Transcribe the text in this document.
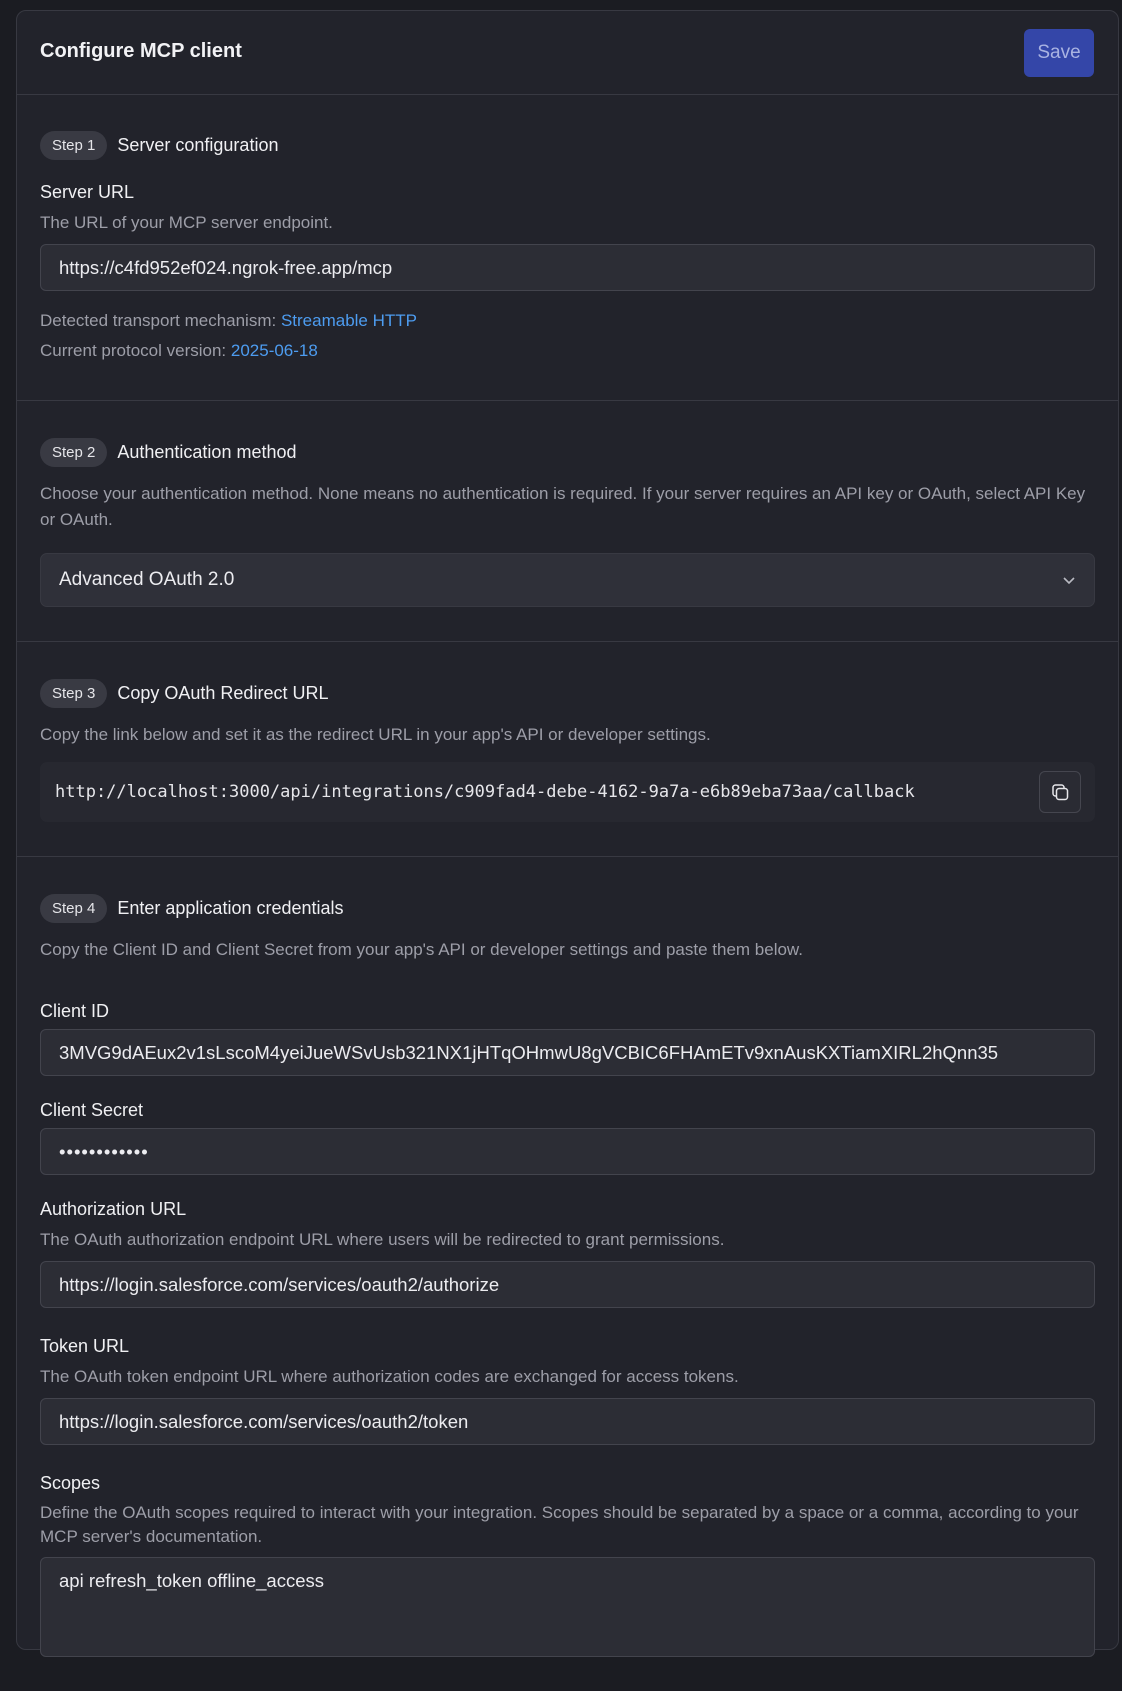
Configure MCP client	Save
Step 1	Server configuration
Server URL
The URL of your MCP server endpoint.
https://c4fd952ef024.ngrok-free.app/mcp
Detected transport mechanism: Streamable HTTP
Current protocol version: 2025-06-18
Step 2	Authentication method
Choose your authentication method. None means no authentication is required. If your server requires an API key or OAuth, select API Key or OAuth.
Advanced OAuth 2.0
Step 3	Copy OAuth Redirect URL
Copy the link below and set it as the redirect URL in your app's API or developer settings.
http://localhost:3000/api/integrations/c909fad4-debe-4162-9a7a-e6b89eba73aa/callback
Step 4	Enter application credentials
Copy the Client ID and Client Secret from your app's API or developer settings and paste them below.
Client ID
3MVG9dAEux2v1sLscoM4yeiJueWSvUsb321NX1jHTqOHmwU8gVCBIC6FHAmETv9xnAusKXTiamXIRL2hQnn35
Client Secret
••••••••••••
Authorization URL
The OAuth authorization endpoint URL where users will be redirected to grant permissions.
https://login.salesforce.com/services/oauth2/authorize
Token URL
The OAuth token endpoint URL where authorization codes are exchanged for access tokens.
https://login.salesforce.com/services/oauth2/token
Scopes
Define the OAuth scopes required to interact with your integration. Scopes should be separated by a space or a comma, according to your MCP server's documentation.
api refresh_token offline_access
